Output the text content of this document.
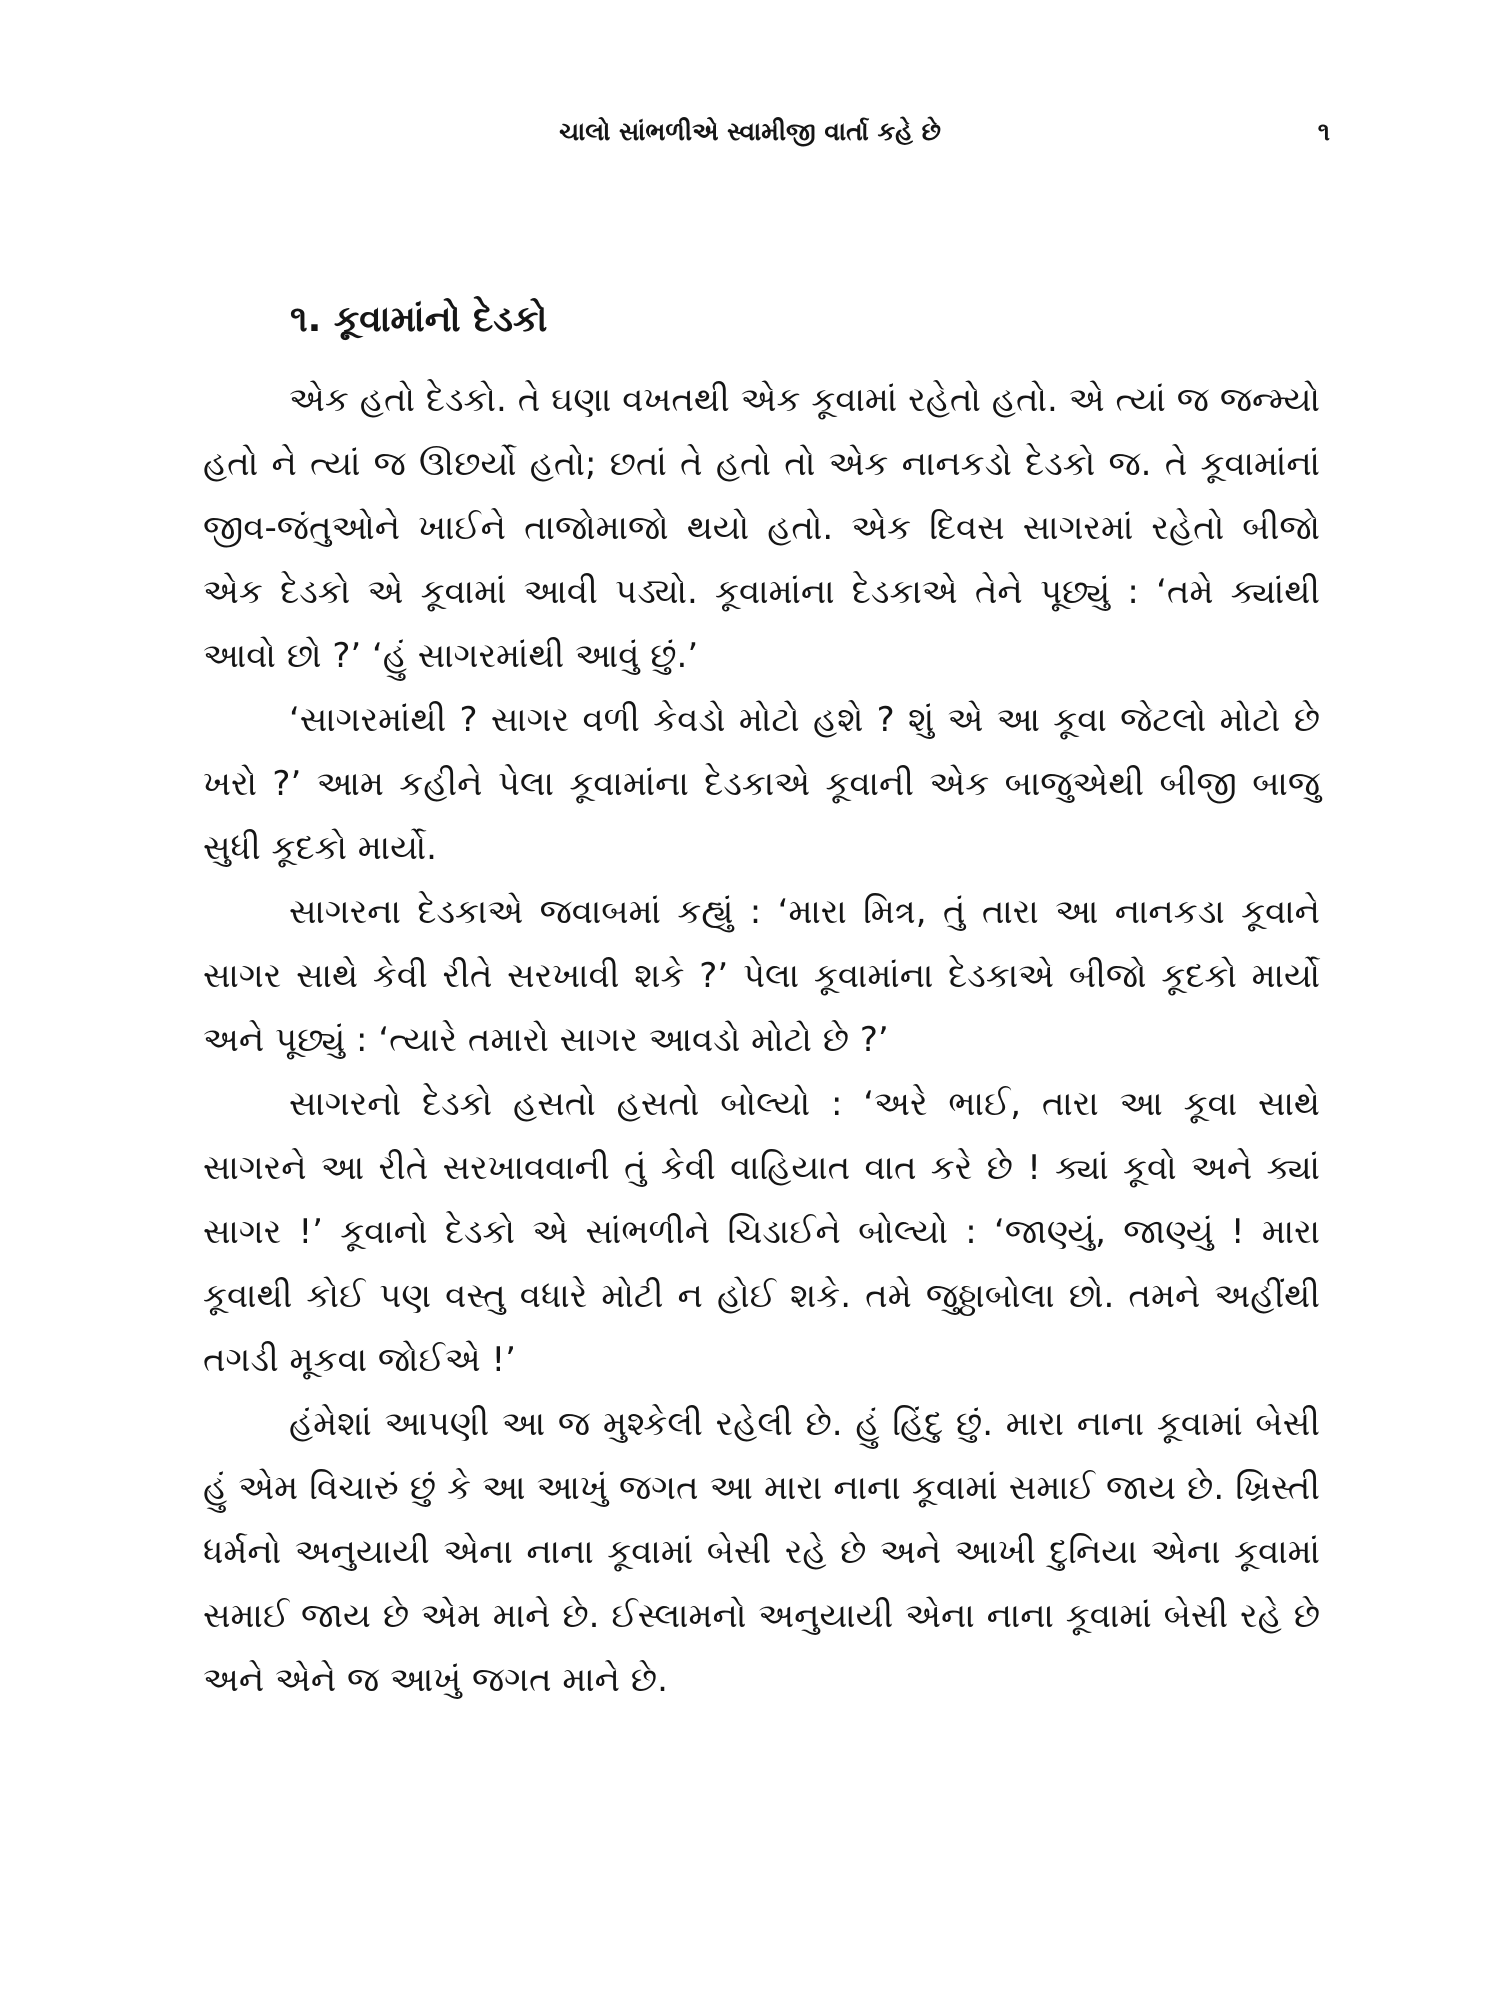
ચાલો સાંભળીએ સ્વામીજી વાર્તા કહે છે	૧
૧. કૂવામાંનો દેડકો

એક હતો દેડકો. તે ઘણા વખતથી એક કૂવામાં રહેતો હતો. એ ત્યાં જ જન્મ્યો હતો ને ત્યાં જ ઊછર્યો હતો; છતાં તે હતો તો એક નાનકડો દેડકો જ. તે કૂવામાંનાં જીવ-જંતુઓને ખાઈને તાજોમાજો થયો હતો. એક દિવસ સાગરમાં રહેતો બીજો એક દેડકો એ કૂવામાં આવી પડ્યો. કૂવામાંના દેડકાએ તેને પૂછ્યું : ‘તમે ક્યાંથી આવો છો ?’ ‘હું સાગરમાંથી આવું છું.’

‘સાગરમાંથી ? સાગર વળી કેવડો મોટો હશે ? શું એ આ કૂવા જેટલો મોટો છે ખરો ?’ આમ કહીને પેલા કૂવામાંના દેડકાએ કૂવાની એક બાજુએથી બીજી બાજુ સુધી કૂદકો માર્યો.

સાગરના દેડકાએ જવાબમાં કહ્યું : ‘મારા મિત્ર, તું તારા આ નાનકડા કૂવાને સાગર સાથે કેવી રીતે સરખાવી શકે ?’ પેલા કૂવામાંના દેડકાએ બીજો કૂદકો માર્યો અને પૂછ્યું : ‘ત્યારે તમારો સાગર આવડો મોટો છે ?’

સાગરનો દેડકો હસતો હસતો બોલ્યો : ‘અરે ભાઈ, તારા આ કૂવા સાથે સાગરને આ રીતે સરખાવવાની તું કેવી વાહિયાત વાત કરે છે ! ક્યાં કૂવો અને ક્યાં સાગર !’ કૂવાનો દેડકો એ સાંભળીને ચિડાઈને બોલ્યો : ‘જાણ્યું, જાણ્યું ! મારા કૂવાથી કોઈ પણ વસ્તુ વધારે મોટી ન હોઈ શકે. તમે જુઠ્ઠાબોલા છો. તમને અહીંથી તગડી મૂકવા જોઈએ !’

હંમેશાં આપણી આ જ મુશ્કેલી રહેલી છે. હું હિંદુ છું. મારા નાના કૂવામાં બેસી હું એમ વિચારું છું કે આ આખું જગત આ મારા નાના કૂવામાં સમાઈ જાય છે. ખ્રિસ્તી ધર્મનો અનુયાયી એના નાના કૂવામાં બેસી રહે છે અને આખી દુનિયા એના કૂવામાં સમાઈ જાય છે એમ માને છે. ઈસ્લામનો અનુયાયી એના નાના કૂવામાં બેસી રહે છે અને એને જ આખું જગત માને છે.
